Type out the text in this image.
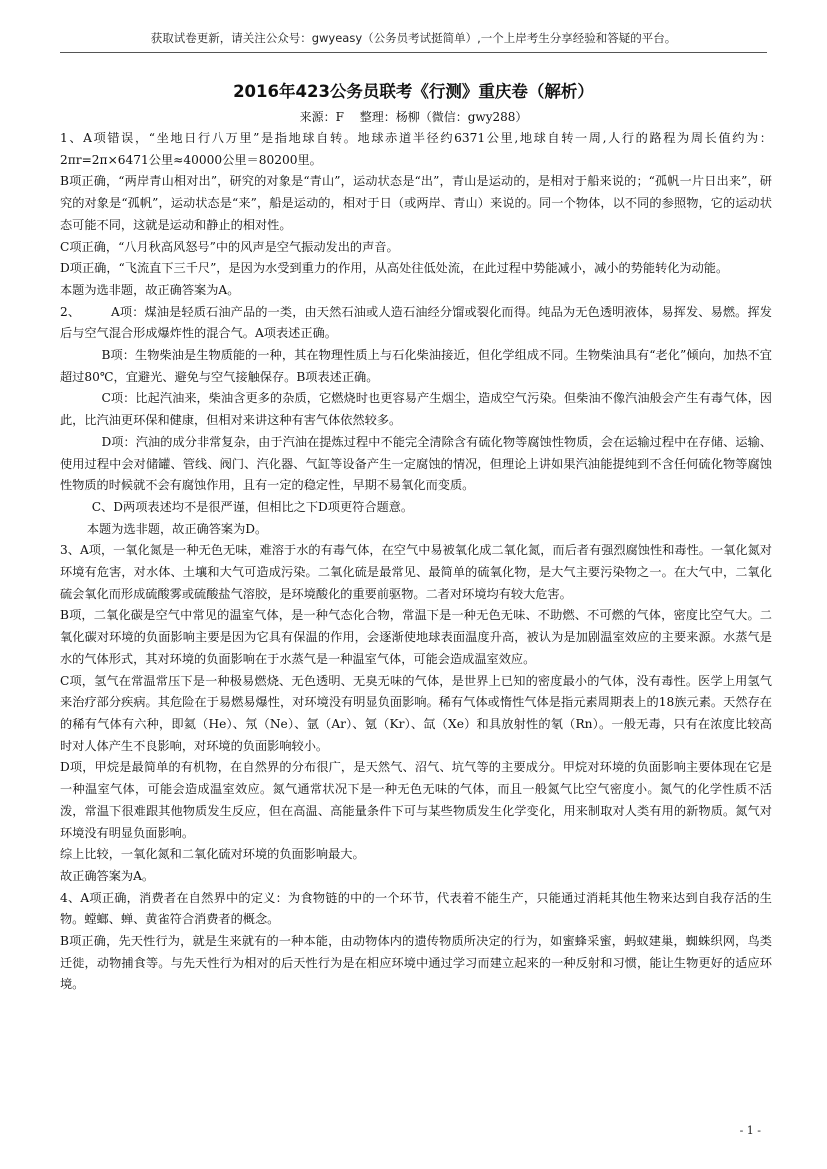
获取试卷更新，请关注公众号：gwyeasy（公务员考试挺简单）,一个上岸考生分享经验和答疑的平台。
2016年423公务员联考《行测》重庆卷（解析）
来源：F　 整理：杨柳（微信：gwy288）

1、A项错误，“坐地日行八万里”是指地球自转。地球赤道半径约6371公里,地球自转一周,人行的路程为周长值约为：2πr=2π×6471公里≈40000公里＝80200里。

B项正确，“两岸青山相对出”，研究的对象是“青山”，运动状态是“出”，青山是运动的，是相对于船来说的；“孤帆一片日出来”，研究的对象是“孤帆”，运动状态是“来”，船是运动的，相对于日（或两岸、青山）来说的。同一个物体，以不同的参照物，它的运动状态可能不同，这就是运动和静止的相对性。

C项正确，“八月秋高风怒号”中的风声是空气振动发出的声音。

D项正确，“飞流直下三千尺”，是因为水受到重力的作用，从高处往低处流，在此过程中势能减小，减小的势能转化为动能。

本题为选非题，故正确答案为A。

2、　　　A项：煤油是轻质石油产品的一类，由天然石油或人造石油经分馏或裂化而得。纯品为无色透明液体，易挥发、易燃。挥发后与空气混合形成爆炸性的混合气。A项表述正确。

B项：生物柴油是生物质能的一种，其在物理性质上与石化柴油接近，但化学组成不同。生物柴油具有“老化”倾向，加热不宜超过80℃，宜避光、避免与空气接触保存。B项表述正确。

C项：比起汽油来，柴油含更多的杂质，它燃烧时也更容易产生烟尘，造成空气污染。但柴油不像汽油般会产生有毒气体，因此，比汽油更环保和健康，但相对来讲这种有害气体依然较多。

D项：汽油的成分非常复杂，由于汽油在提炼过程中不能完全清除含有硫化物等腐蚀性物质，会在运输过程中在存储、运输、使用过程中会对储罐、管线、阀门、汽化器、气缸等设备产生一定腐蚀的情况，但理论上讲如果汽油能提纯到不含任何硫化物等腐蚀性物质的时候就不会有腐蚀作用，且有一定的稳定性，早期不易氧化而变质。

C、D两项表述均不是很严谨，但相比之下D项更符合题意。

本题为选非题，故正确答案为D。

3、A项，一氧化氮是一种无色无味，难溶于水的有毒气体，在空气中易被氧化成二氧化氮，而后者有强烈腐蚀性和毒性。一氧化氮对环境有危害，对水体、土壤和大气可造成污染。二氧化硫是最常见、最简单的硫氧化物，是大气主要污染物之一。在大气中，二氧化硫会氧化而形成硫酸雾或硫酸盐气溶胶，是环境酸化的重要前驱物。二者对环境均有较大危害。

B项，二氧化碳是空气中常见的温室气体，是一种气态化合物，常温下是一种无色无味、不助燃、不可燃的气体，密度比空气大。二氧化碳对环境的负面影响主要是因为它具有保温的作用，会逐渐使地球表面温度升高，被认为是加剧温室效应的主要来源。水蒸气是水的气体形式，其对环境的负面影响在于水蒸气是一种温室气体，可能会造成温室效应。

C项，氢气在常温常压下是一种极易燃烧、无色透明、无臭无味的气体，是世界上已知的密度最小的气体，没有毒性。医学上用氢气来治疗部分疾病。其危险在于易燃易爆性，对环境没有明显负面影响。稀有气体或惰性气体是指元素周期表上的18族元素。天然存在的稀有气体有六种，即氦（He）、氖（Ne）、氩（Ar）、氪（Kr）、氙（Xe）和具放射性的氡（Rn）。一般无毒，只有在浓度比较高时对人体产生不良影响，对环境的负面影响较小。

D项，甲烷是最简单的有机物，在自然界的分布很广，是天然气、沼气、坑气等的主要成分。甲烷对环境的负面影响主要体现在它是一种温室气体，可能会造成温室效应。氮气通常状况下是一种无色无味的气体，而且一般氮气比空气密度小。氮气的化学性质不活泼，常温下很难跟其他物质发生反应，但在高温、高能量条件下可与某些物质发生化学变化，用来制取对人类有用的新物质。氮气对环境没有明显负面影响。

综上比较，一氧化氮和二氧化硫对环境的负面影响最大。

故正确答案为A。

4、A项正确，消费者在自然界中的定义：为食物链的中的一个环节，代表着不能生产，只能通过消耗其他生物来达到自我存活的生物。螳螂、蝉、黄雀符合消费者的概念。

B项正确，先天性行为，就是生来就有的一种本能，由动物体内的遗传物质所决定的行为，如蜜蜂采蜜，蚂蚁建巢，蜘蛛织网，鸟类迁徙，动物捕食等。与先天性行为相对的后天性行为是在相应环境中通过学习而建立起来的一种反射和习惯，能让生物更好的适应环境。

- 1 -
